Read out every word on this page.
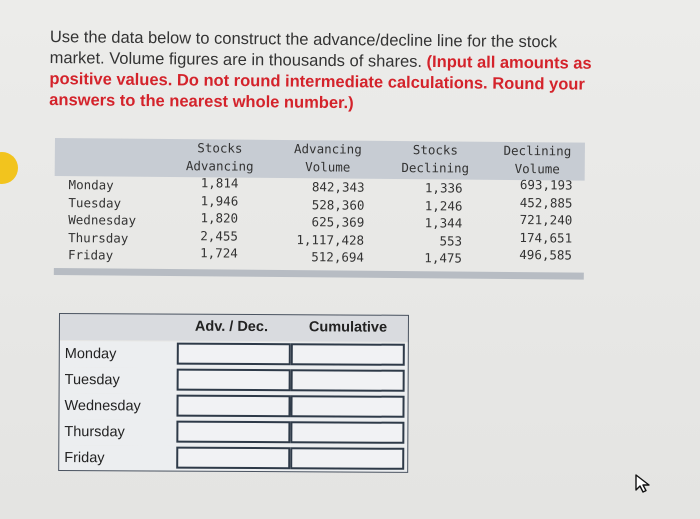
Use the data below to construct the advance/decline line for the stock
market. Volume figures are in thousands of shares. (Input all amounts as
positive values. Do not round intermediate calculations. Round your
answers to the nearest whole number.)
Monday
Tuesday
Wednesday
Thursday
Friday
Stocks
Advancing
1,814
1,946
1,820
2,455
1,724
Advancing
Volume
842,343
528,360
625,369
1,117,428
512,694
Stocks
Declining
1,336
1,246
1,344
553
1,475
Declining
Volume
693,193
452,885
721,240
174,651
496,585
Adv. / Dec.	Cumulative
Monday
Tuesday
Wednesday
Thursday
Friday
